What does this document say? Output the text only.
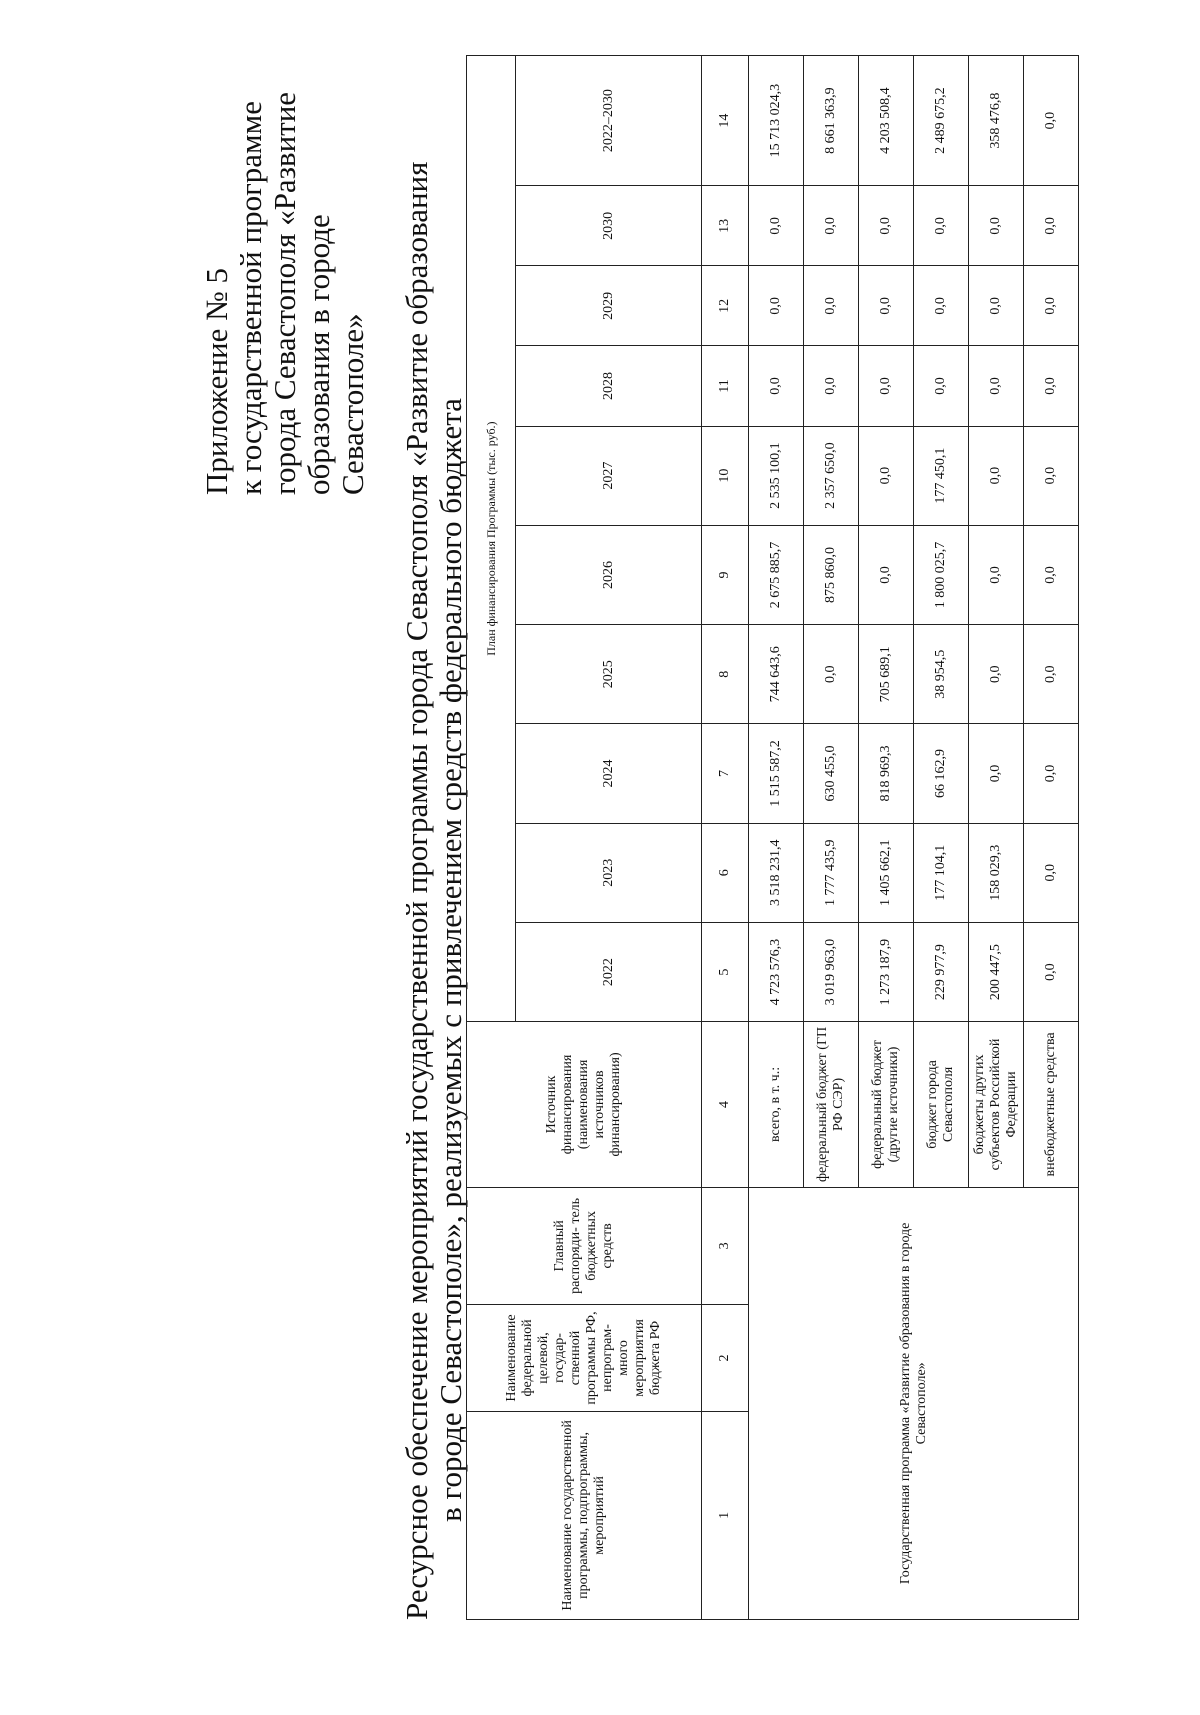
Приложение № 5 к государственной программе города Севастополя «Развитие образования в городе Севастополе» Ресурсное обеспечение мероприятий государственной программы города Севастополя «Развитие образования в городе Севастополе», реализуемых с привлечением средств федерального бюджета	Наименование государственной программы, подпрограммы, мероприятий	Наименование федеральной целевой, государ- ственной программы РФ, непрограм- много мероприятия бюджета РФ	Главный распоряди- тель бюджетных средств	Источник финансирования (наименования источников финансирования)	План финансирования Программы (тыс. руб.)									
				2022	2023	2024	2025	2026	2027	2028	2029	2030	2022–2030
1	2	3	4	5	6	7	8	9	10	11	12	13	14
Государственная программа «Развитие образования в городе Севастополе»			всего, в т. ч.:	4 723 576,3	3 518 231,4	1 515 587,2	744 643,6	2 675 885,7	2 535 100,1	0,0	0,0	0,0	15 713 024,3
			федеральный бюджет (ГП РФ СЭР)	3 019 963,0	1 777 435,9	630 455,0	0,0	875 860,0	2 357 650,0	0,0	0,0	0,0	8 661 363,9
			федеральный бюджет (другие источники)	1 273 187,9	1 405 662,1	818 969,3	705 689,1	0,0	0,0	0,0	0,0	0,0	4 203 508,4
			бюджет города Севастополя	229 977,9	177 104,1	66 162,9	38 954,5	1 800 025,7	177 450,1	0,0	0,0	0,0	2 489 675,2
			бюджеты других субъектов Российской Федерации	200 447,5	158 029,3	0,0	0,0	0,0	0,0	0,0	0,0	0,0	358 476,8
			внебюджетные средства	0,0	0,0	0,0	0,0	0,0	0,0	0,0	0,0	0,0	0,0
